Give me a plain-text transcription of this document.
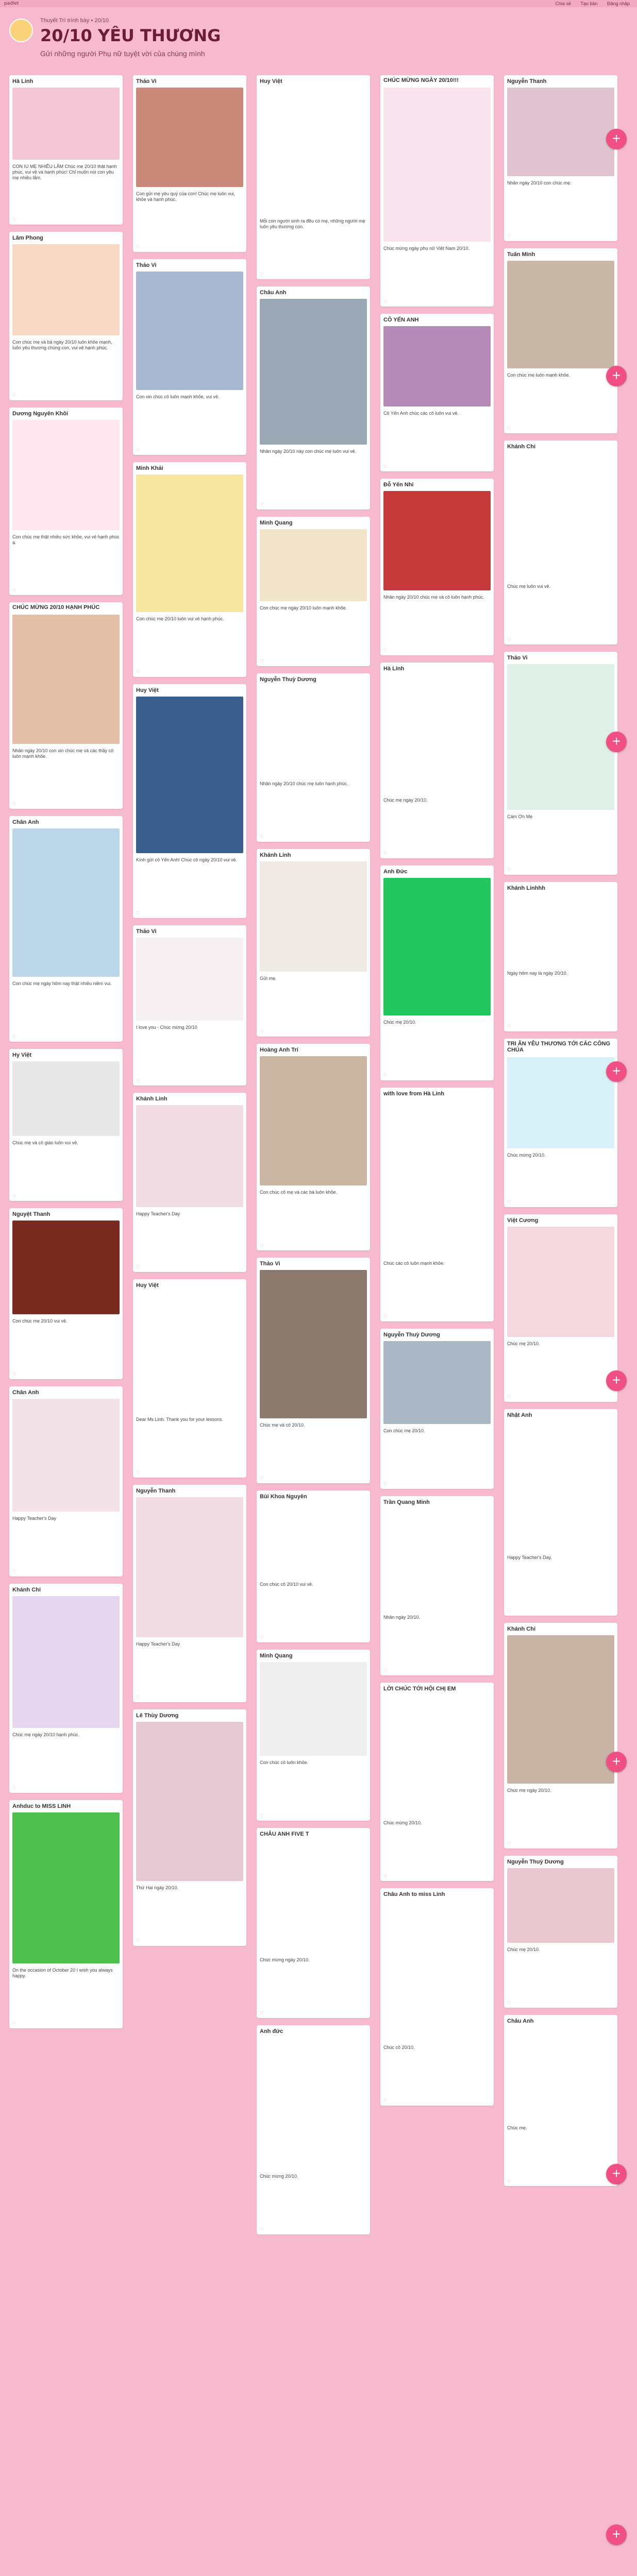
padlet	Chia sẻ Tạo bản Đăng nhập
Thuyết Trì trình bày • 20/10
20/10 YÊU THƯƠNG
Gửi những người Phụ nữ tuyệt vời của chúng mình
Hà Linh
CON IU MẸ NHIỀU LẮM Chúc mẹ 20/10 thật hạnh phúc, vui vẻ và hạnh phúc! Chỉ muốn nói con yêu mẹ nhiều lắm.
♡
Lâm Phong
Con chúc mẹ và bà ngày 20/10 luôn khỏe mạnh, luôn yêu thương chúng con, vui vẻ hạnh phúc.
♡
Dương Nguyên Khôi
Con chúc mẹ thật nhiều sức khỏe, vui vẻ hạnh phúc ạ.
♡
CHÚC MỪNG 20/10 HẠNH PHÚC
Nhân ngày 20/10 con xin chúc mẹ và các thầy cô luôn mạnh khỏe.
♡
Chân Anh
Con chúc mẹ ngày hôm nay thật nhiều niềm vui.
♡
Hy Việt
Chúc mẹ và cô giáo luôn vui vẻ.
♡
Nguyệt Thanh
Con chúc mẹ 20/10 vui vẻ.
♡
Chân Anh
Happy Teacher's Day
♡
Khánh Chi
Chúc mẹ ngày 20/10 hạnh phúc.
♡
Anhduc to MISS LINH
On the occasion of October 20 I wish you always happy.
♡
Thảo Vi
Con gửi mẹ yêu quý của con! Chúc mẹ luôn vui, khỏe và hạnh phúc.
♡
Thảo Vi
Con xin chúc cô luôn mạnh khỏe, vui vẻ.
♡
Minh Khải
Con chúc mẹ 20/10 luôn vui vẻ hạnh phúc.
♡
Huy Việt
Kính gửi cô Yến Anh! Chúc cô ngày 20/10 vui vẻ.
♡
Thảo Vi
I love you - Chúc mừng 20/10
♡
Khánh Linh
Happy Teacher's Day
♡
Huy Việt
Dear Ms Linh. Thank you for your lessons.
♡
Nguyễn Thanh
Happy Teacher's Day
♡
Lê Thùy Dương
Thứ Hai ngày 20/10.
♡
Huy Việt
Mỗi con người sinh ra đều có mẹ, những người mẹ luôn yêu thương con.
♡
Châu Anh
Nhân ngày 20/10 này con chúc mẹ luôn vui vẻ.
♡
Minh Quang
Con chúc mẹ ngày 20/10 luôn mạnh khỏe.
♡
Nguyễn Thuỳ Dương
Nhân ngày 20/10 chúc mẹ luôn hạnh phúc.
♡
Khánh Linh
Gửi mẹ.
♡
Hoàng Anh Trí
Con chúc cô mẹ và các bà luôn khỏe.
♡
Thảo Vi
Chúc mẹ và cô 20/10.
♡
Bùi Khoa Nguyên
Con chúc cô 20/10 vui vẻ.
♡
Minh Quang
Con chúc cô luôn khỏe.
♡
CHÂU ANH FIVE T
Chúc mừng ngày 20/10.
♡
Anh đức
Chúc mừng 20/10.
♡
CHÚC MỪNG NGÀY 20/10!!!
Chúc mừng ngày phụ nữ Việt Nam 20/10.
♡
CÔ YẾN ANH
Cô Yến Anh chúc các cô luôn vui vẻ.
♡
Đỗ Yến Nhi
Nhân ngày 20/10 chúc mẹ và cô luôn hạnh phúc.
♡
Hà Linh
Chúc mẹ ngày 20/10.
♡
Anh Đức
Chúc mẹ 20/10.
♡
with love from Hà Linh
Chúc các cô luôn mạnh khỏe.
♡
Nguyễn Thuỳ Dương
Con chúc mẹ 20/10.
♡
Trần Quang Minh
Nhân ngày 20/10.
♡
LỜI CHÚC TỚI HỘI CHỊ EM
Chúc mừng 20/10.
♡
Châu Anh to miss Linh
Chúc cô 20/10.
♡
Nguyễn Thanh
Nhân ngày 20/10 con chúc mẹ.
♡
Tuấn Minh
Con chúc mẹ luôn mạnh khỏe.
♡
Khánh Chi
Chúc mẹ luôn vui vẻ.
♡
Thảo Vi
Cám Ơn Mẹ
♡
Khánh Linhhh
Ngày hôm nay là ngày 20/10.
♡
TRI ÂN YÊU THƯƠNG TỚI CÁC CÔNG CHÚA
Chúc mừng 20/10.
♡
Việt Cương
Chúc mẹ 20/10.
♡
Nhật Anh
Happy Teacher's Day.
♡
Khánh Chi
Chúc mẹ ngày 20/10.
♡
Nguyễn Thuỳ Dương
Chúc mẹ 20/10.
♡
Châu Anh
Chúc mẹ.
♡
+
+
+
+
+
+
+
+
